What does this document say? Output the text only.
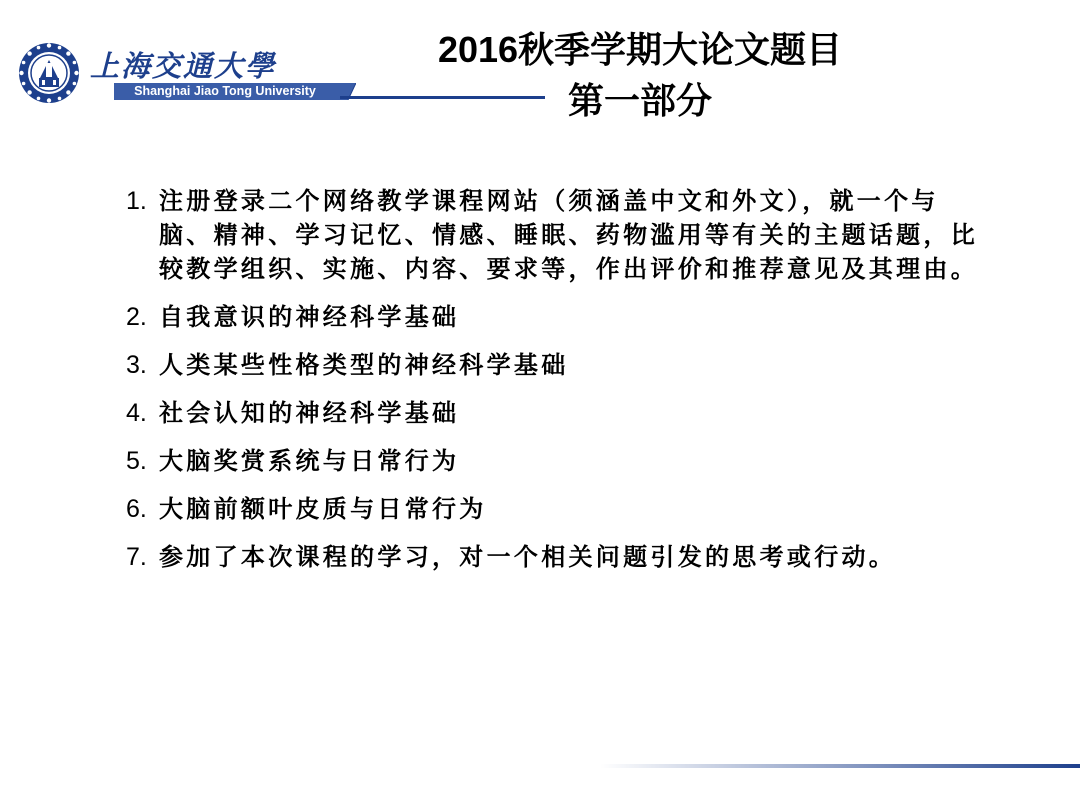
上海交通大學
Shanghai Jiao Tong University
2016秋季学期大论文题目
第一部分
1. 注册登录二个网络教学课程网站（须涵盖中文和外文），就一个与脑、精神、学习记忆、情感、睡眠、药物滥用等有关的主题话题，比较教学组织、实施、内容、要求等，作出评价和推荐意见及其理由。
2. 自我意识的神经科学基础
3. 人类某些性格类型的神经科学基础
4. 社会认知的神经科学基础
5. 大脑奖赏系统与日常行为
6. 大脑前额叶皮质与日常行为
7. 参加了本次课程的学习，对一个相关问题引发的思考或行动。
